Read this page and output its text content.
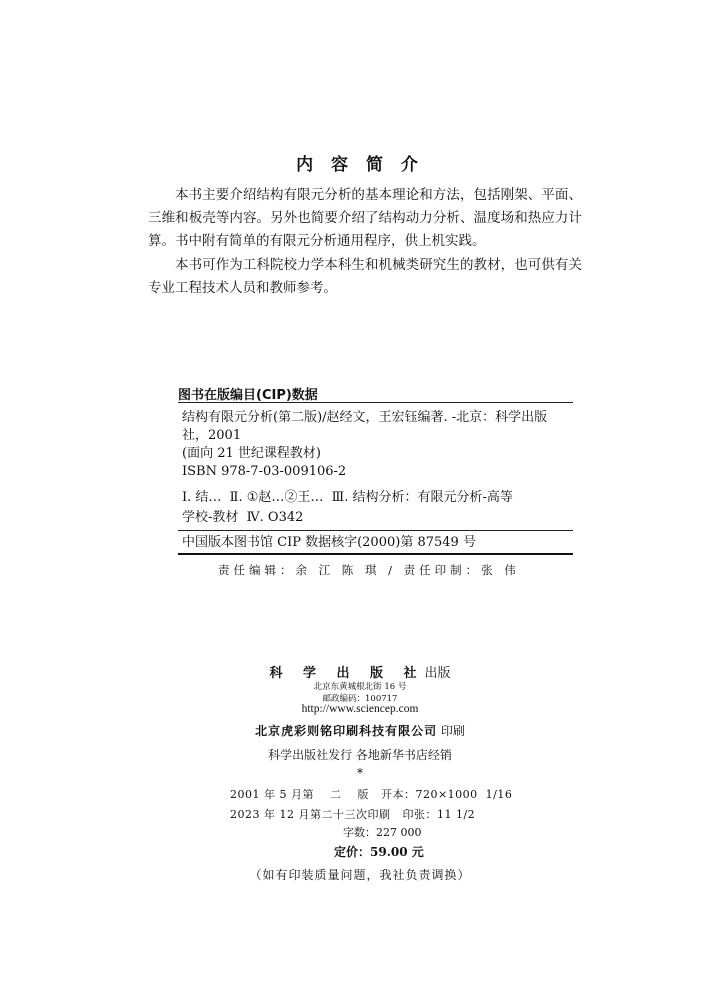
内 容 简 介

本书主要介绍结构有限元分析的基本理论和方法，包括刚架、平面、三维和板壳等内容。另外也简要介绍了结构动力分析、温度场和热应力计算。书中附有简单的有限元分析通用程序，供上机实践。

本书可作为工科院校力学本科生和机械类研究生的教材，也可供有关专业工程技术人员和教师参考。

图书在版编目(CIP)数据

结构有限元分析(第二版)/赵经文，王宏钰编著. -北京：科学出版

社，2001

(面向 21 世纪课程教材)

ISBN 978-7-03-009106-2

Ⅰ. 结…  Ⅱ. ①赵…②王…  Ⅲ. 结构分析：有限元分析-高等

学校-教材  Ⅳ. O342

中国版本图书馆 CIP 数据核字(2000)第 87549 号

责任编辑：余 江 陈 琪 / 责任印制：张 伟
科 学 出 版 社出版
北京东黄城根北街 16 号
邮政编码：100717
http://www.sciencep.com
北京虎彩则铭印刷科技有限公司 印刷
科学出版社发行 各地新华书店经销
*
2001 年 5 月第    二    版   开本：720×1000  1/16
2023 年 12 月第二十三次印刷   印张：11 1/2
字数：227 000
定价：59.00 元
（如有印装质量问题，我社负责调换）
